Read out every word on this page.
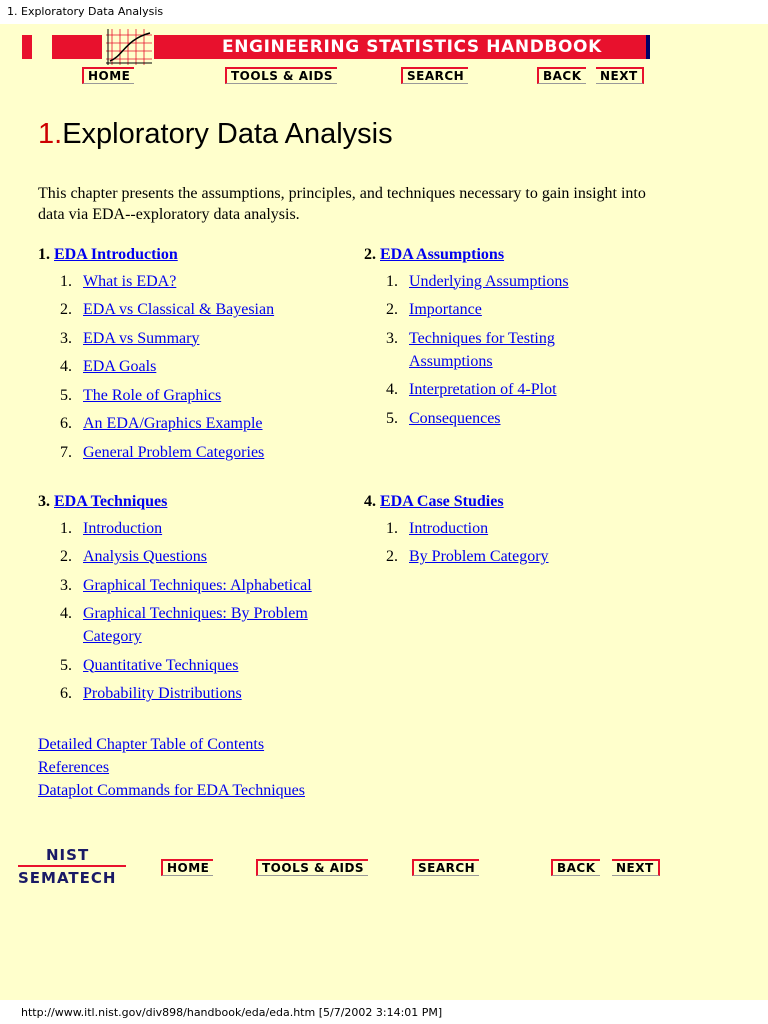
1. Exploratory Data Analysis
ENGINEERING STATISTICS HANDBOOK
HOME	TOOLS & AIDS	SEARCH	BACK	NEXT
1.Exploratory Data Analysis
This chapter presents the assumptions, principles, and techniques necessary to gain insight into data via EDA--exploratory data analysis.
1. EDA Introduction
1. What is EDA?
2. EDA vs Classical & Bayesian
3. EDA vs Summary
4. EDA Goals
5. The Role of Graphics
6. An EDA/Graphics Example
7. General Problem Categories
2. EDA Assumptions
1. Underlying Assumptions
2. Importance
3. Techniques for Testing Assumptions
4. Interpretation of 4-Plot
5. Consequences
3. EDA Techniques
1. Introduction
2. Analysis Questions
3. Graphical Techniques: Alphabetical
4. Graphical Techniques: By Problem Category
5. Quantitative Techniques
6. Probability Distributions
4. EDA Case Studies
1. Introduction
2. By Problem Category
Detailed Chapter Table of Contents
References
Dataplot Commands for EDA Techniques
NIST
SEMATECH
HOME	TOOLS & AIDS	SEARCH	BACK	NEXT
http://www.itl.nist.gov/div898/handbook/eda/eda.htm [5/7/2002 3:14:01 PM]
